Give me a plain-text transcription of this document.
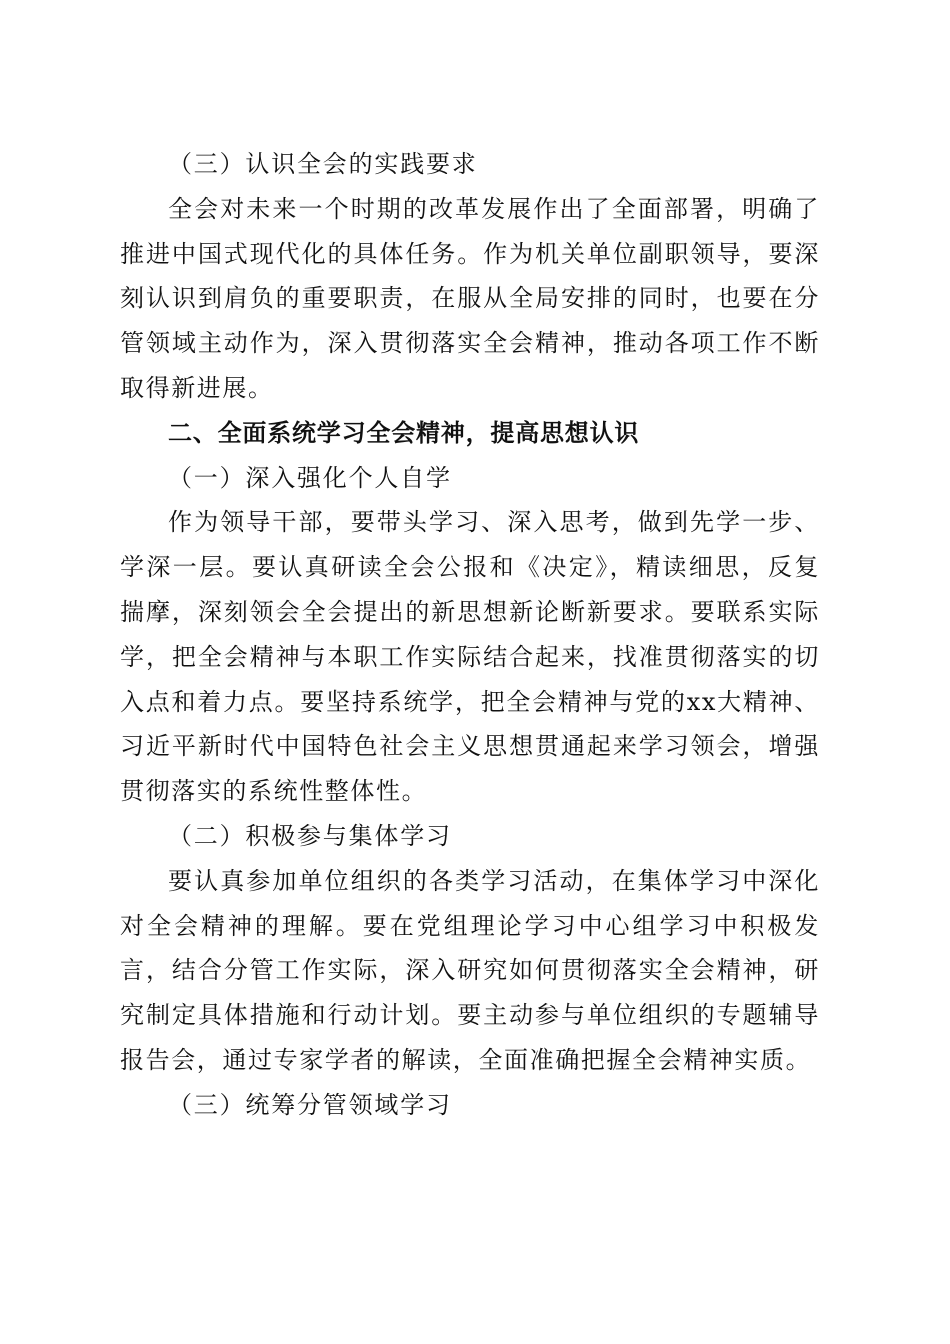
（三）认识全会的实践要求

全会对未来一个时期的改革发展作出了全面部署，明确了推进中国式现代化的具体任务。作为机关单位副职领导，要深刻认识到肩负的重要职责，在服从全局安排的同时，也要在分管领域主动作为，深入贯彻落实全会精神，推动各项工作不断取得新进展。

二、全面系统学习全会精神，提高思想认识

（一）深入强化个人自学

作为领导干部，要带头学习、深入思考，做到先学一步、学深一层。要认真研读全会公报和《决定》，精读细思，反复揣摩，深刻领会全会提出的新思想新论断新要求。要联系实际学，把全会精神与本职工作实际结合起来，找准贯彻落实的切入点和着力点。要坚持系统学，把全会精神与党的xx大精神、习近平新时代中国特色社会主义思想贯通起来学习领会，增强贯彻落实的系统性整体性。

（二）积极参与集体学习

要认真参加单位组织的各类学习活动，在集体学习中深化对全会精神的理解。要在党组理论学习中心组学习中积极发言，结合分管工作实际，深入研究如何贯彻落实全会精神，研究制定具体措施和行动计划。要主动参与单位组织的专题辅导报告会，通过专家学者的解读，全面准确把握全会精神实质。

（三）统筹分管领域学习
